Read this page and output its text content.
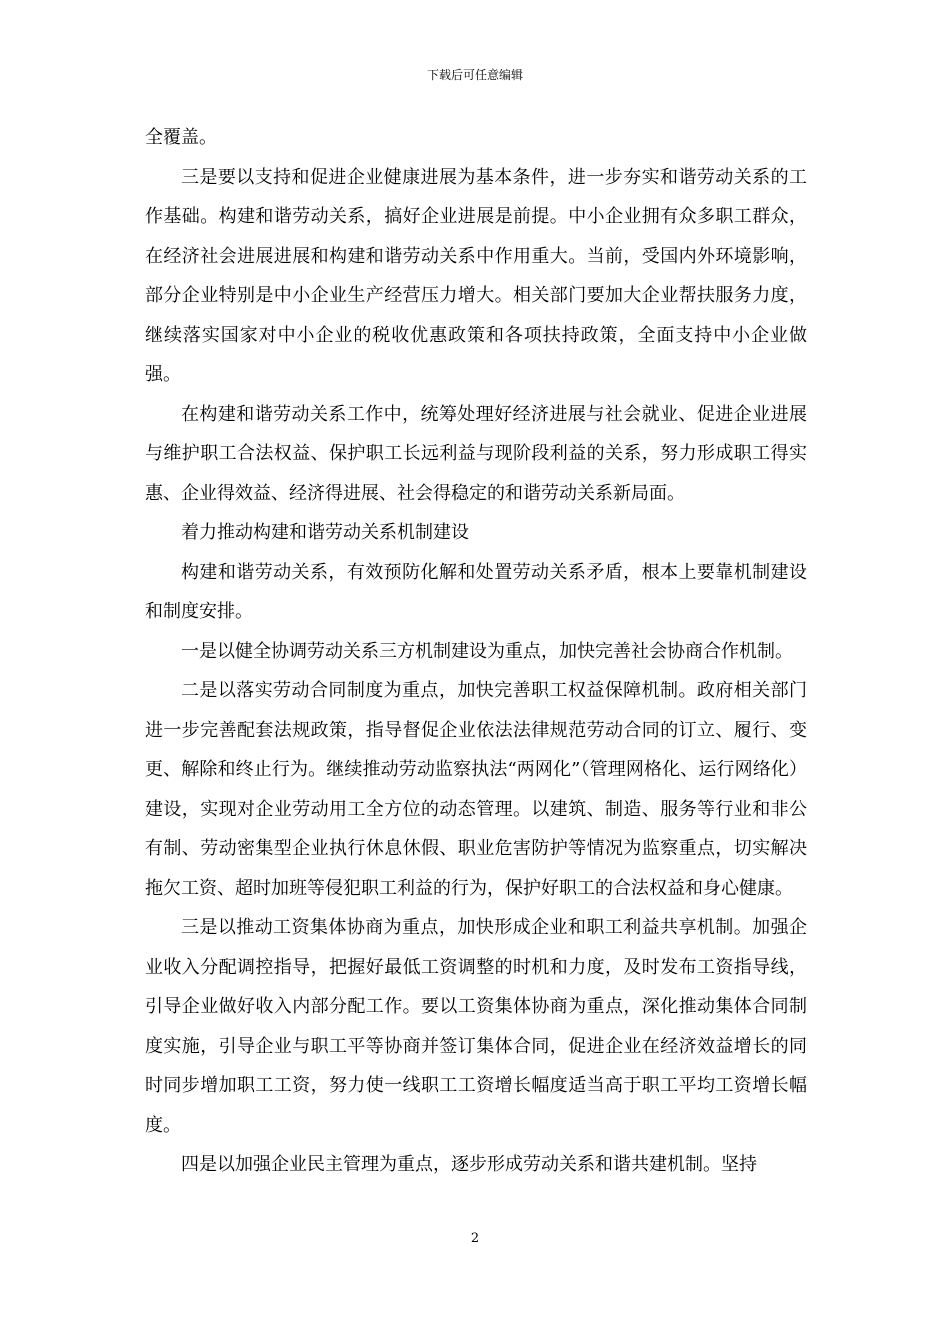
下载后可任意编辑

全覆盖。

三是要以支持和促进企业健康进展为基本条件，进一步夯实和谐劳动关系的工作基础。构建和谐劳动关系，搞好企业进展是前提。中小企业拥有众多职工群众，在经济社会进展进展和构建和谐劳动关系中作用重大。当前，受国内外环境影响，部分企业特别是中小企业生产经营压力增大。相关部门要加大企业帮扶服务力度，继续落实国家对中小企业的税收优惠政策和各项扶持政策，全面支持中小企业做强。

在构建和谐劳动关系工作中，统筹处理好经济进展与社会就业、促进企业进展与维护职工合法权益、保护职工长远利益与现阶段利益的关系，努力形成职工得实惠、企业得效益、经济得进展、社会得稳定的和谐劳动关系新局面。

着力推动构建和谐劳动关系机制建设

构建和谐劳动关系，有效预防化解和处置劳动关系矛盾，根本上要靠机制建设和制度安排。

一是以健全协调劳动关系三方机制建设为重点，加快完善社会协商合作机制。

二是以落实劳动合同制度为重点，加快完善职工权益保障机制。政府相关部门进一步完善配套法规政策，指导督促企业依法法律规范劳动合同的订立、履行、变更、解除和终止行为。继续推动劳动监察执法“两网化”（管理网格化、运行网络化）建设，实现对企业劳动用工全方位的动态管理。以建筑、制造、服务等行业和非公有制、劳动密集型企业执行休息休假、职业危害防护等情况为监察重点，切实解决拖欠工资、超时加班等侵犯职工利益的行为，保护好职工的合法权益和身心健康。

三是以推动工资集体协商为重点，加快形成企业和职工利益共享机制。加强企业收入分配调控指导，把握好最低工资调整的时机和力度，及时发布工资指导线，引导企业做好收入内部分配工作。要以工资集体协商为重点，深化推动集体合同制度实施，引导企业与职工平等协商并签订集体合同，促进企业在经济效益增长的同时同步增加职工工资，努力使一线职工工资增长幅度适当高于职工平均工资增长幅度。

四是以加强企业民主管理为重点，逐步形成劳动关系和谐共建机制。坚持

2
